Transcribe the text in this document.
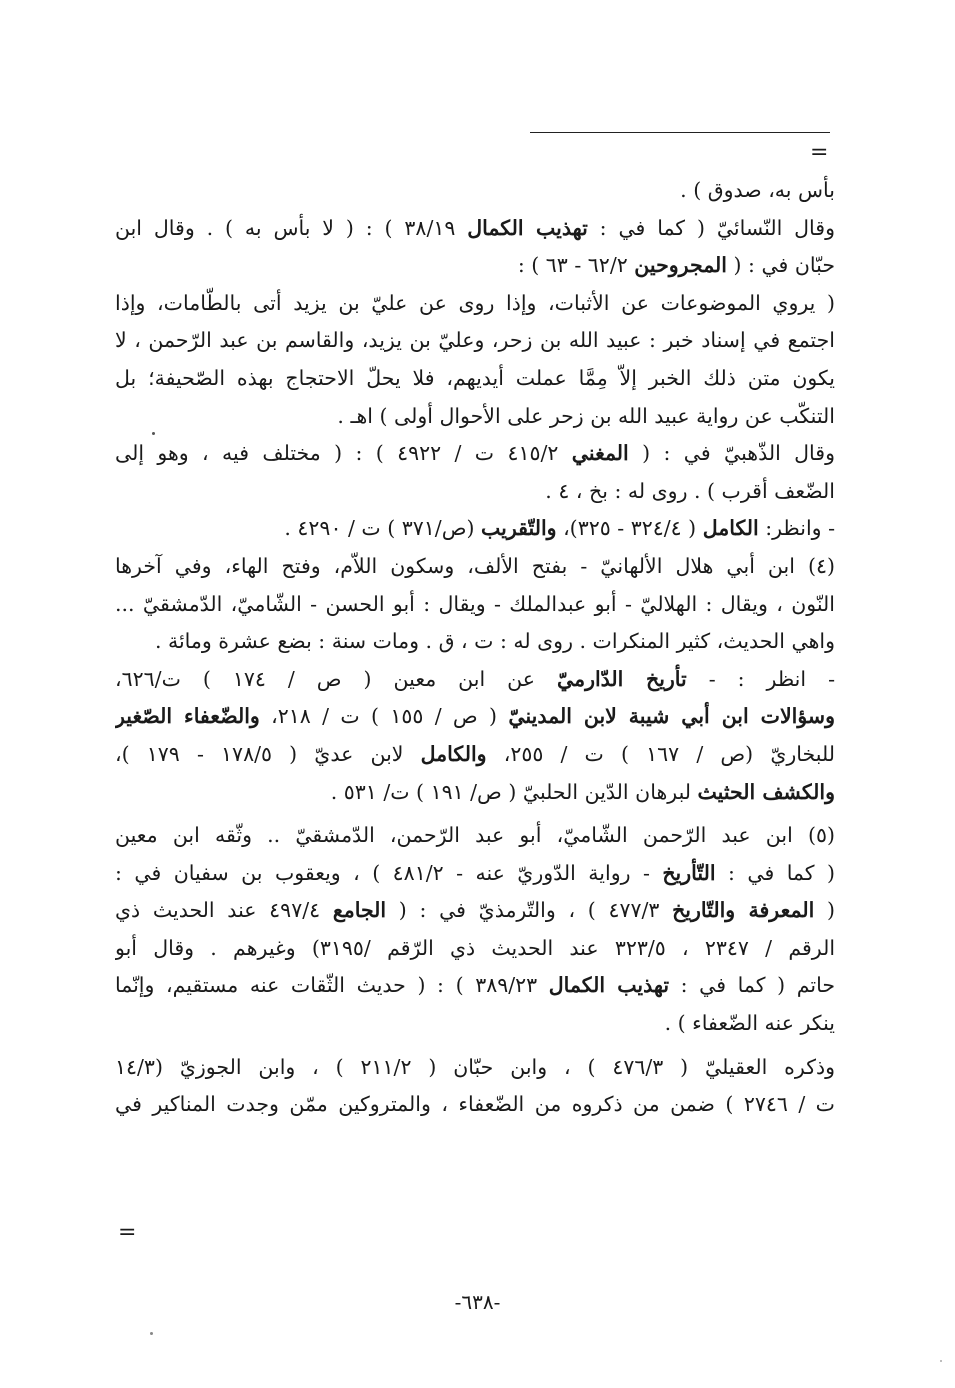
=
بأس به، صدوق ) .
وقال النّسائيّ ( كما في : تهذيب الكمال ٣٨/١٩ ) : ( لا بأس به ) . وقال ابن
حبّان في : ( المجروحين ٦٢/٢ - ٦٣ ) :
( يروي الموضوعات عن الأثبات، وإذا روى عن عليّ بن يزيد أتى بالطّامات، وإذا
اجتمع في إسناد خبر : عبيد الله بن زحر، وعليّ بن يزيد، والقاسم بن عبد الرّحمن ، لا
يكون متن ذلك الخبر إلاّ مِمَّا عملت أيديهم، فلا يحلّ الاحتجاج بهذه الصّحيفة؛ بل
التنكّب عن رواية عبيد الله بن زحر على الأحوال أولى ) اهـ .
وقال الذّهبيّ في : ( المغني ٤١٥/٢ ت / ٤٩٢٢ ) : ( مختلف فيه ، وهو إلى
الضّعف أقرب ) . روى له : بخ ، ٤ .
- وانظر: الكامل ( ٣٢٤/٤ - ٣٢٥)، والتّقريب (ص/٣٧١ ) ت / ٤٢٩٠ .
(٤) ابن أبي هلال الألهانيّ - بفتح الألف، وسكون اللاّم، وفتح الهاء، وفي آخرها
النّون ، ويقال : الهلاليّ - أبو عبدالملك - ويقال : أبو الحسن - الشّاميّ، الدّمشقيّ ...
واهي الحديث، كثير المنكرات . روى له : ت ، ق . ومات سنة : بضع عشرة ومائة .
- انظر : - تأريخ الدّارميّ عن ابن معين ( ص / ١٧٤ ) ت/٦٢٦،
وسؤالات ابن أبي شيبة لابن المدينيّ ( ص / ١٥٥ ) ت / ٢١٨، والضّعفاء الصّغير
للبخاريّ (ص / ١٦٧ ) ت / ٢٥٥، والكامل لابن عديّ ( ١٧٨/٥ - ١٧٩ )،
والكشف الحثيث لبرهان الدّين الحلبيّ ( ص/ ١٩١ ) ت/ ٥٣١ .
(٥) ابن عبد الرّحمن الشّاميّ، أبو عبد الرّحمن، الدّمشقيّ .. وثّقه ابن معين
( كما في : التّأريخ - رواية الدّوريّ عنه - ٤٨١/٢ ) ، ويعقوب بن سفيان في :
( المعرفة والتّاريخ ٤٧٧/٣ ) ، والتّرمذيّ في : ( الجامع ٤٩٧/٤ عند الحديث ذي
الرقم / ٢٣٤٧ ، ٣٢٣/٥ عند الحديث ذي الرّقم /٣١٩٥) وغيرهم . وقال أبو
حاتم ( كما في : تهذيب الكمال ٣٨٩/٢٣ ) : ( حديث الثّقات عنه مستقيم، وإنّما
ينكر عنه الضّعفاء ) .
وذكره العقيليّ ( ٤٧٦/٣ ) ، وابن حبّان ( ٢١١/٢ ) ، وابن الجوزيّ (١٤/٣
ت / ٢٧٤٦ ) ضمن من ذكروه من الضّعفاء ، والمتروكين ممّن وجدت المناكير في
=
-٦٣٨-
